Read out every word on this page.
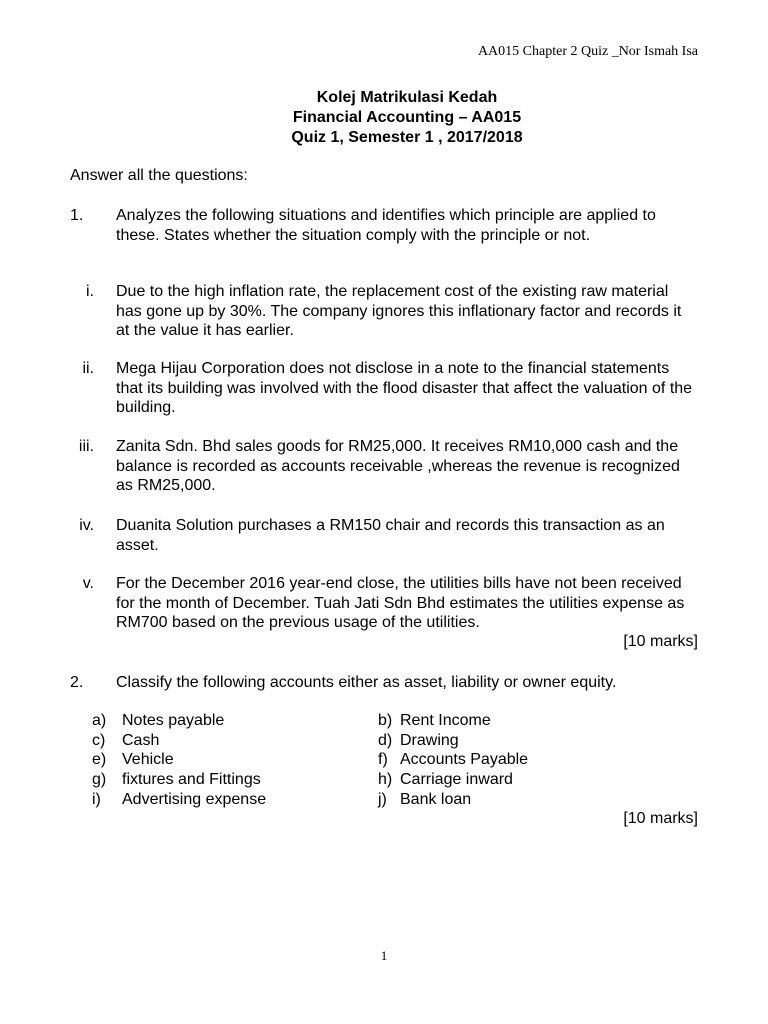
AA015 Chapter 2 Quiz _Nor Ismah Isa
Kolej Matrikulasi Kedah
Financial Accounting – AA015
Quiz 1, Semester 1 , 2017/2018
Answer all the questions:
1. Analyzes the following situations and identifies which principle are applied to these. States whether the situation comply with the principle or not.
i. Due to the high inflation rate, the replacement cost of the existing raw material has gone up by 30%. The company ignores this inflationary factor and records it at the value it has earlier.
ii. Mega Hijau Corporation does not disclose in a note to the financial statements that its building was involved with the flood disaster that affect the valuation of the building.
iii. Zanita Sdn. Bhd sales goods for RM25,000. It receives RM10,000 cash and the balance is recorded as accounts receivable ,whereas the revenue is recognized as RM25,000.
iv. Duanita Solution purchases a RM150 chair and records this transaction as an asset.
v. For the December 2016 year-end close, the utilities bills have not been received for the month of December. Tuah Jati Sdn Bhd estimates the utilities expense as RM700 based on the previous usage of the utilities.
[10 marks]
2. Classify the following accounts either as asset, liability or owner equity.
a) Notes payable	b) Rent Income
c) Cash	d) Drawing
e) Vehicle	f) Accounts Payable
g) fixtures and Fittings	h) Carriage inward
i) Advertising expense	j) Bank loan
[10 marks]
1
